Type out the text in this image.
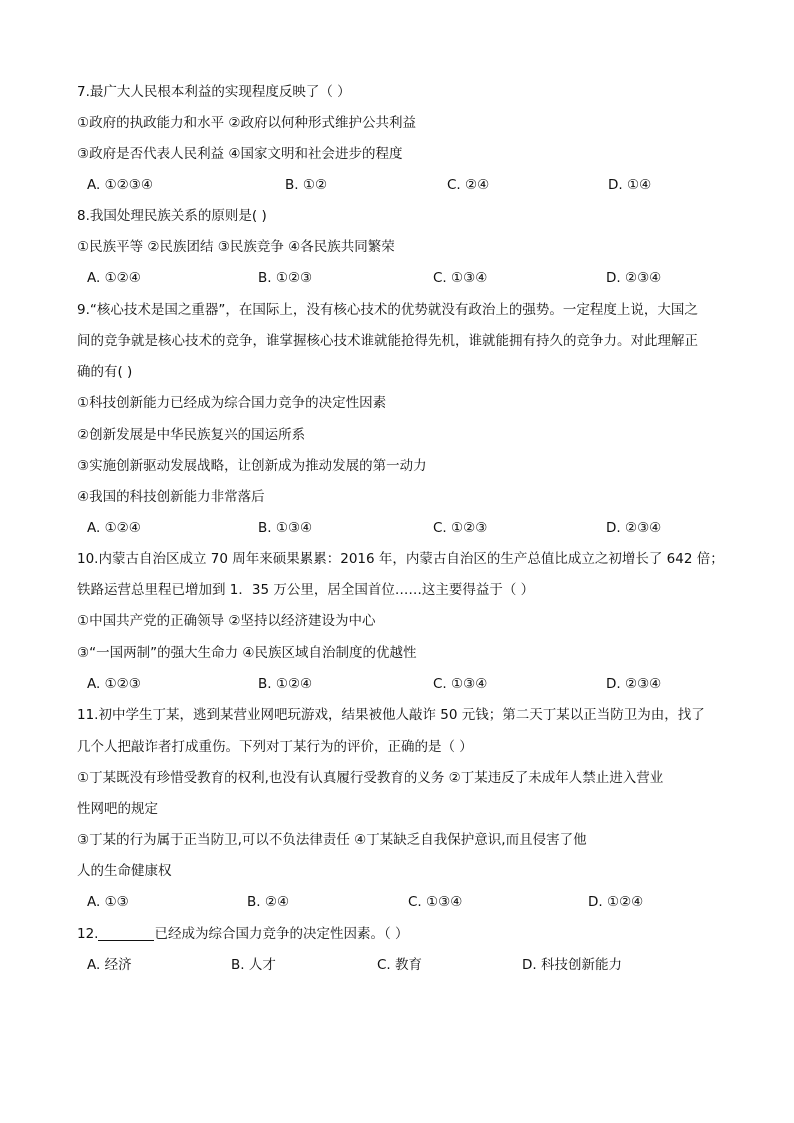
7.最广大人民根本利益的实现程度反映了（ ）
①政府的执政能力和水平 ②政府以何种形式维护公共利益
③政府是否代表人民利益 ④国家文明和社会进步的程度
A. ①②③④	B. ①②	C. ②④	D. ①④
8.我国处理民族关系的原则是( )
①民族平等 ②民族团结 ③民族竞争 ④各民族共同繁荣
A. ①②④	B. ①②③	C. ①③④	D. ②③④
9.“核心技术是国之重器”，在国际上，没有核心技术的优势就没有政治上的强势。一定程度上说，大国之
间的竞争就是核心技术的竞争，谁掌握核心技术谁就能抢得先机，谁就能拥有持久的竞争力。对此理解正
确的有( )
①科技创新能力已经成为综合国力竞争的决定性因素
②创新发展是中华民族复兴的国运所系
③实施创新驱动发展战略，让创新成为推动发展的第一动力
④我国的科技创新能力非常落后
A. ①②④	B. ①③④	C. ①②③	D. ②③④
10.内蒙古自治区成立 70 周年来硕果累累：2016 年，内蒙古自治区的生产总值比成立之初增长了 642 倍；
铁路运营总里程已增加到 1．35 万公里，居全国首位……这主要得益于（ ）
①中国共产党的正确领导 ②坚持以经济建设为中心
③“一国两制”的强大生命力 ④民族区域自治制度的优越性
A. ①②③	B. ①②④	C. ①③④	D. ②③④
11.初中学生丁某，逃到某营业网吧玩游戏，结果被他人敲诈 50 元钱；第二天丁某以正当防卫为由，找了
几个人把敲诈者打成重伤。下列对丁某行为的评价，正确的是（ ）
①丁某既没有珍惜受教育的权利,也没有认真履行受教育的义务 ②丁某违反了未成年人禁止进入营业
性网吧的规定
③丁某的行为属于正当防卫,可以不负法律责任 ④丁某缺乏自我保护意识,而且侵害了他
人的生命健康权
A. ①③	B. ②④	C. ①③④	D. ①②④
12.	已经成为综合国力竞争的决定性因素。（ ）
A. 经济	B. 人才	C. 教育	D. 科技创新能力
